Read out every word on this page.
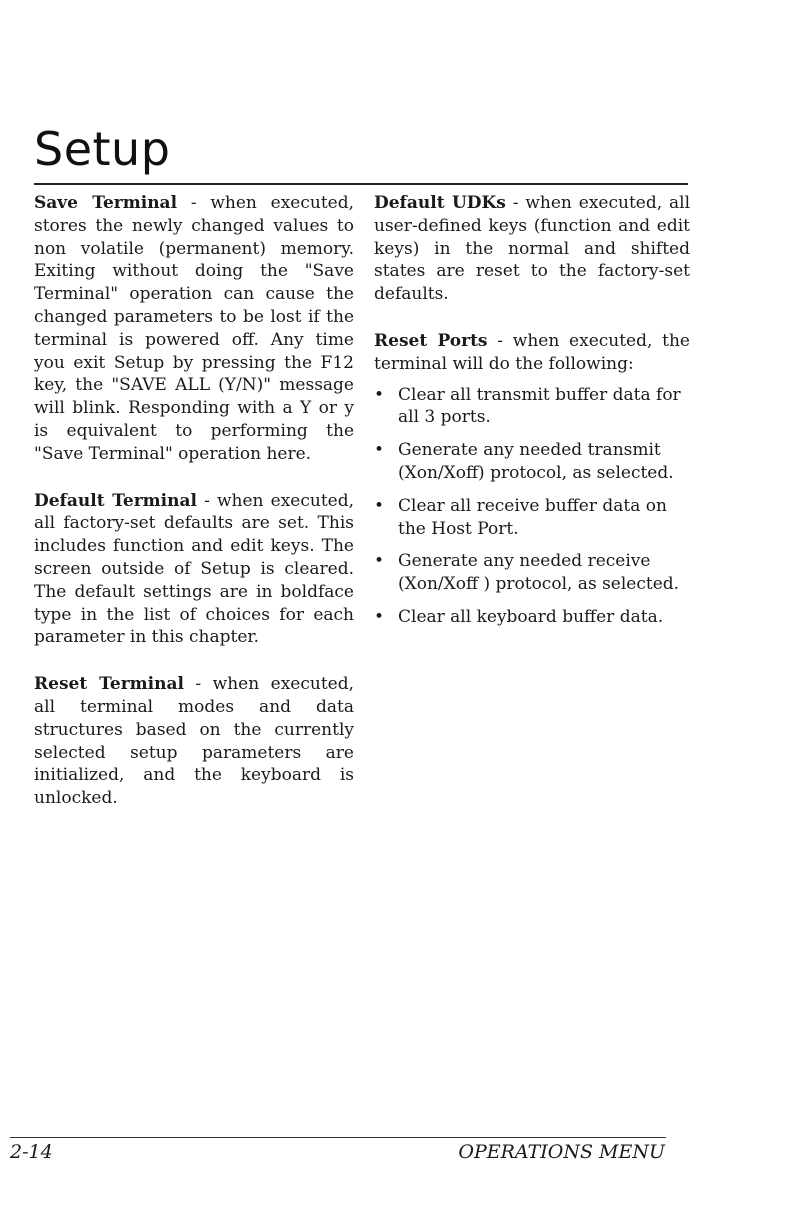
Setup

Save Terminal - when executed, stores the newly changed values to non volatile (permanent) memory. Exiting without doing the "Save Terminal" operation can cause the changed parameters to be lost if the terminal is powered off. Any time you exit Setup by pressing the F12 key, the "SAVE ALL (Y/N)" message will blink. Responding with a Y or y is equivalent to performing the "Save Terminal" operation here.

Default Terminal - when executed, all factory-set defaults are set. This includes function and edit keys. The screen outside of Setup is cleared. The default settings are in boldface type in the list of choices for each parameter in this chapter.

Reset Terminal - when executed, all terminal modes and data structures based on the currently selected setup parameters are initialized, and the keyboard is unlocked.

Default UDKs - when executed, all user-defined keys (function and edit keys) in the normal and shifted states are reset to the factory-set defaults.

Reset Ports - when executed, the terminal will do the following:

• Clear all transmit buffer data for all 3 ports.
• Generate any needed transmit (Xon/Xoff) protocol, as selected.
• Clear all receive buffer data on the Host Port.
• Generate any needed receive (Xon/Xoff ) protocol, as selected.
• Clear all keyboard buffer data.
2-14	OPERATIONS MENU
